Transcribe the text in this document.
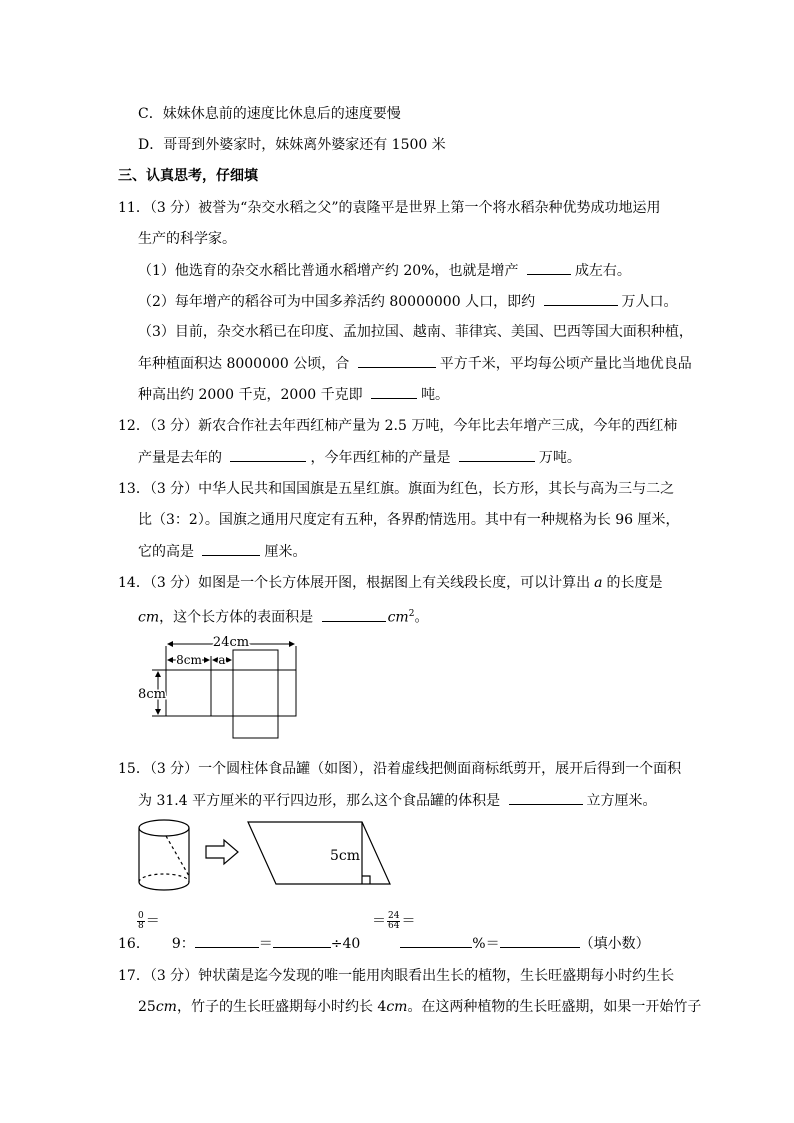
C．妹妹休息前的速度比休息后的速度要慢
D．哥哥到外婆家时，妹妹离外婆家还有 1500 米
三、认真思考，仔细填
11．（3 分）被誉为“杂交水稻之父”的袁隆平是世界上第一个将水稻杂种优势成功地运用
生产的科学家。
（1）他选育的杂交水稻比普通水稻增产约 20%，也就是增产	成左右。
（2）每年增产的稻谷可为中国多养活约 80000000 人口，即约	万人口。
（3）目前，杂交水稻已在印度、孟加拉国、越南、菲律宾、美国、巴西等国大面积种植，
年种植面积达 8000000 公顷，合	平方千米，平均每公顷产量比当地优良品
种高出约 2000 千克，2000 千克即	吨。
12．（3 分）新农合作社去年西红柿产量为 2.5 万吨，今年比去年增产三成，今年的西红柿
产量是去年的	，今年西红柿的产量是	万吨。
13．（3 分）中华人民共和国国旗是五星红旗。旗面为红色，长方形，其长与高为三与二之
比（3：2）。国旗之通用尺度定有五种，各界酌情选用。其中有一种规格为长 96 厘米，
它的高是	厘米。
14．（3 分）如图是一个长方体展开图，根据图上有关线段长度，可以计算出 a 的长度是
cm，这个长方体的表面积是	$cm^2$。
24cm
8cm a
8cm
15．（3 分）一个圆柱体食品罐（如图），沿着虚线把侧面商标纸剪开，展开后得到一个面积
为 31.4 平方厘米的平行四边形，那么这个食品罐的体积是	立方厘米。
5cm
$\frac{0}{8}$ ＝	＝ $\frac{24}{64}$ ＝
16． 9：	＝	÷40	%＝	（填小数）
17．（3 分）钟状菌是迄今发现的唯一能用肉眼看出生长的植物，生长旺盛期每小时约生长
25cm，竹子的生长旺盛期每小时约长 4cm。在这两种植物的生长旺盛期，如果一开始竹子
